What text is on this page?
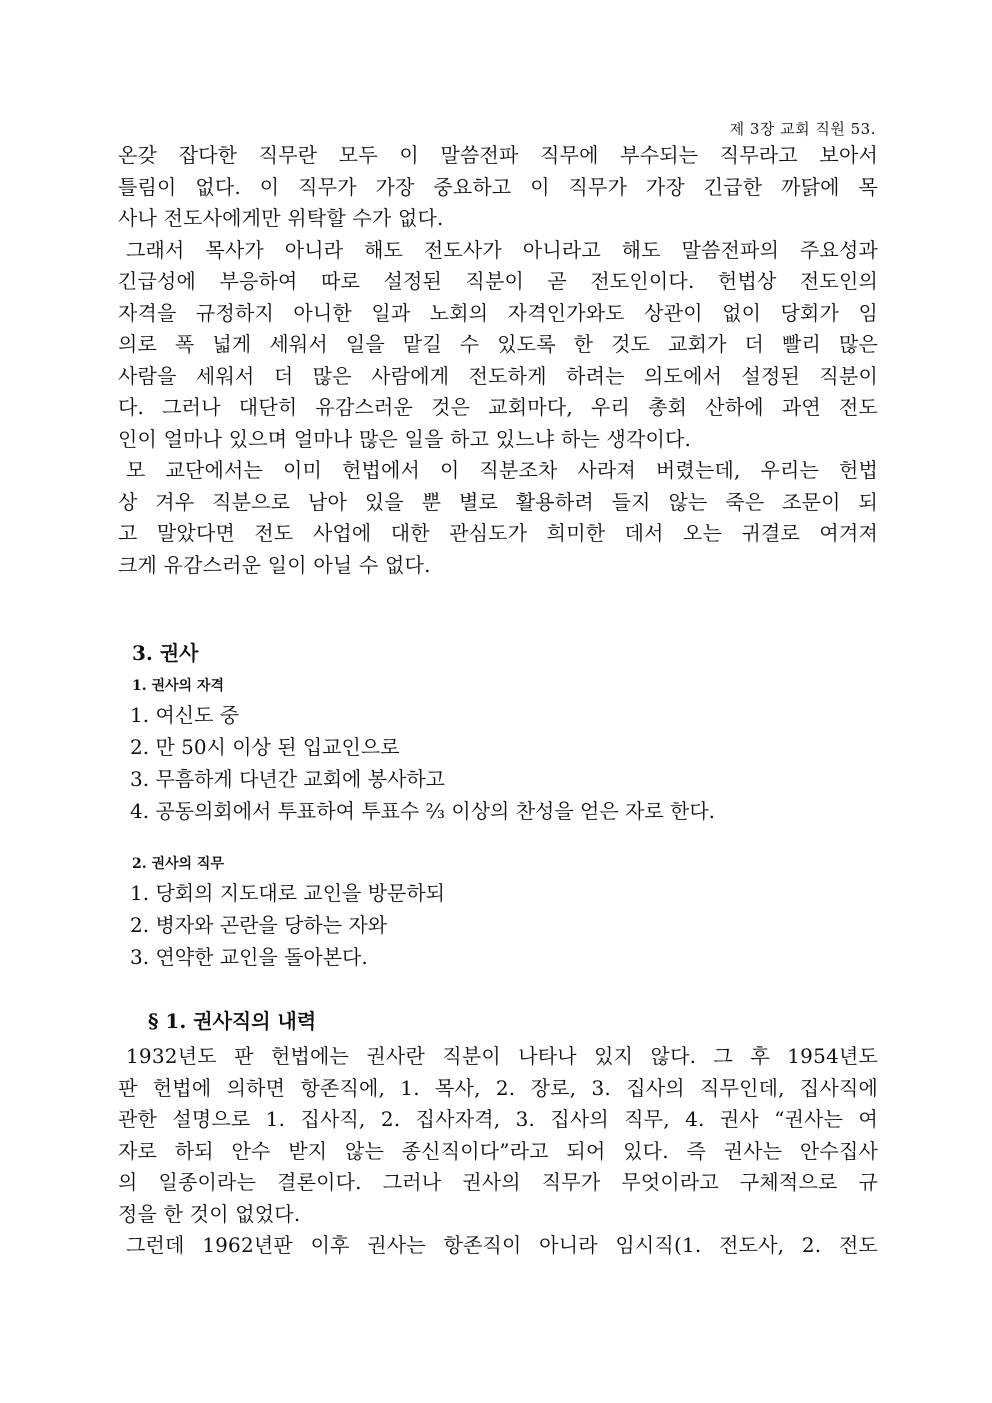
제 3장 교회 직원 53.
온갖 잡다한 직무란 모두 이 말씀전파 직무에 부수되는 직무라고 보아서
틀림이 없다. 이 직무가 가장 중요하고 이 직무가 가장 긴급한 까닭에 목
사나 전도사에게만 위탁할 수가 없다.
그래서 목사가 아니라 해도 전도사가 아니라고 해도 말씀전파의 주요성과
긴급성에 부응하여 따로 설정된 직분이 곧 전도인이다. 헌법상 전도인의
자격을 규정하지 아니한 일과 노회의 자격인가와도 상관이 없이 당회가 임
의로 폭 넓게 세워서 일을 맡길 수 있도록 한 것도 교회가 더 빨리 많은
사람을 세워서 더 많은 사람에게 전도하게 하려는 의도에서 설정된 직분이
다. 그러나 대단히 유감스러운 것은 교회마다, 우리 총회 산하에 과연 전도
인이 얼마나 있으며 얼마나 많은 일을 하고 있느냐 하는 생각이다.
모 교단에서는 이미 헌법에서 이 직분조차 사라져 버렸는데, 우리는 헌법
상 겨우 직분으로 남아 있을 뿐 별로 활용하려 들지 않는 죽은 조문이 되
고 말았다면 전도 사업에 대한 관심도가 희미한 데서 오는 귀결로 여겨져
크게 유감스러운 일이 아닐 수 없다.
3. 권사
1. 권사의 자격
1. 여신도 중
2. 만 50시 이상 된 입교인으로
3. 무흠하게 다년간 교회에 봉사하고
4. 공동의회에서 투표하여 투표수 ⅔ 이상의 찬성을 얻은 자로 한다.
2. 권사의 직무
1. 당회의 지도대로 교인을 방문하되
2. 병자와 곤란을 당하는 자와
3. 연약한 교인을 돌아본다.
§ 1. 권사직의 내력
1932년도 판 헌법에는 권사란 직분이 나타나 있지 않다. 그 후 1954년도
판 헌법에 의하면 항존직에, 1. 목사, 2. 장로, 3. 집사의 직무인데, 집사직에
관한 설명으로 1. 집사직, 2. 집사자격, 3. 집사의 직무, 4. 권사 “권사는 여
자로 하되 안수 받지 않는 종신직이다”라고 되어 있다. 즉 권사는 안수집사
의 일종이라는 결론이다. 그러나 권사의 직무가 무엇이라고 구체적으로 규
정을 한 것이 없었다.
그런데 1962년판 이후 권사는 항존직이 아니라 임시직(1. 전도사, 2. 전도
